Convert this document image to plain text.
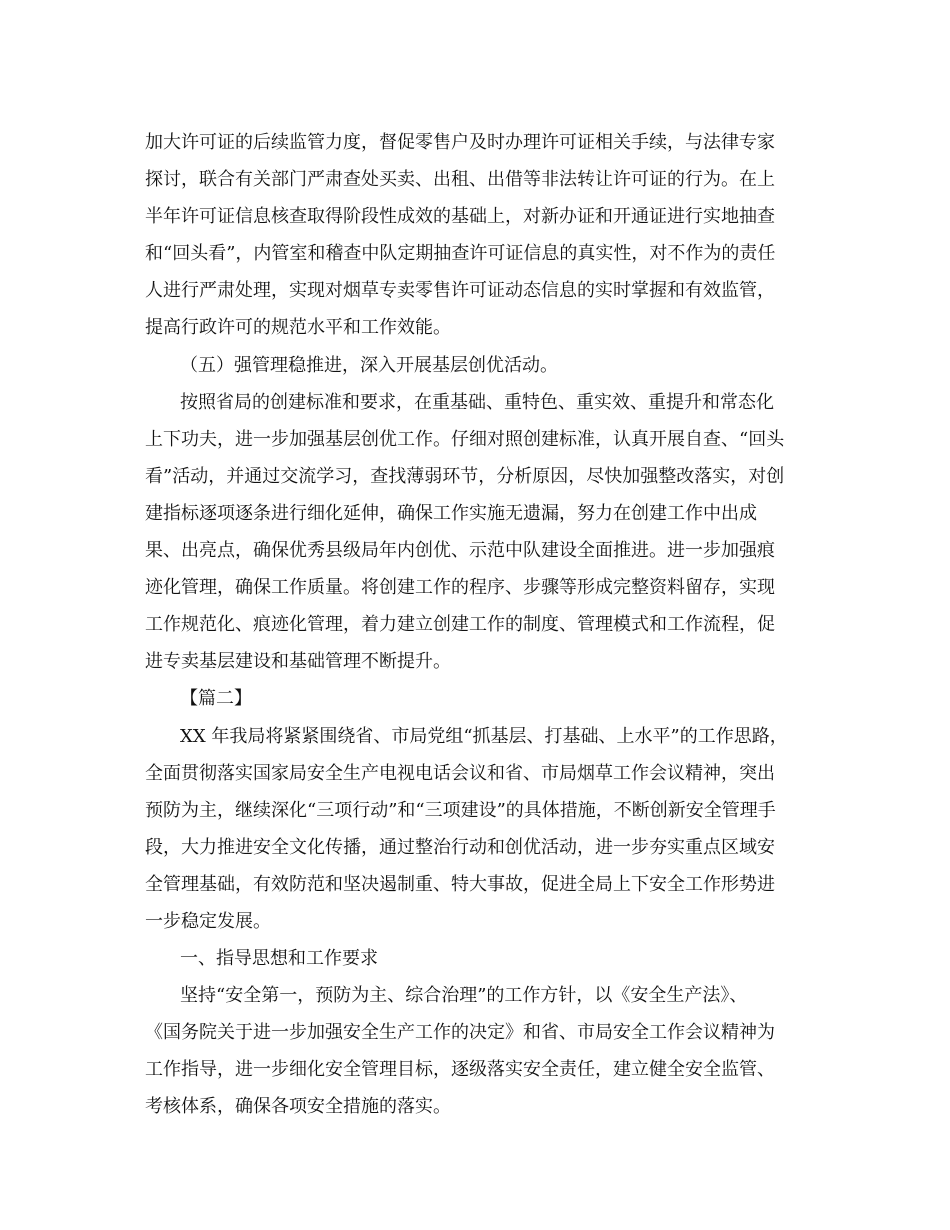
加大许可证的后续监管力度，督促零售户及时办理许可证相关手续，与法律专家
探讨，联合有关部门严肃查处买卖、出租、出借等非法转让许可证的行为。在上
半年许可证信息核查取得阶段性成效的基础上，对新办证和开通证进行实地抽查
和“回头看”，内管室和稽查中队定期抽查许可证信息的真实性，对不作为的责任
人进行严肃处理，实现对烟草专卖零售许可证动态信息的实时掌握和有效监管，
提高行政许可的规范水平和工作效能。
（五）强管理稳推进，深入开展基层创优活动。
按照省局的创建标准和要求，在重基础、重特色、重实效、重提升和常态化
上下功夫，进一步加强基层创优工作。仔细对照创建标准，认真开展自查、“回头
看”活动，并通过交流学习，查找薄弱环节，分析原因，尽快加强整改落实，对创
建指标逐项逐条进行细化延伸，确保工作实施无遗漏，努力在创建工作中出成
果、出亮点，确保优秀县级局年内创优、示范中队建设全面推进。进一步加强痕
迹化管理，确保工作质量。将创建工作的程序、步骤等形成完整资料留存，实现
工作规范化、痕迹化管理，着力建立创建工作的制度、管理模式和工作流程，促
进专卖基层建设和基础管理不断提升。
【篇二】
XX 年我局将紧紧围绕省、市局党组“抓基层、打基础、上水平”的工作思路，
全面贯彻落实国家局安全生产电视电话会议和省、市局烟草工作会议精神，突出
预防为主，继续深化“三项行动”和“三项建设”的具体措施，不断创新安全管理手
段，大力推进安全文化传播，通过整治行动和创优活动，进一步夯实重点区域安
全管理基础，有效防范和坚决遏制重、特大事故，促进全局上下安全工作形势进
一步稳定发展。
一、指导思想和工作要求
坚持“安全第一，预防为主、综合治理”的工作方针，以《安全生产法》、
《国务院关于进一步加强安全生产工作的决定》和省、市局安全工作会议精神为
工作指导，进一步细化安全管理目标，逐级落实安全责任，建立健全安全监管、
考核体系，确保各项安全措施的落实。
